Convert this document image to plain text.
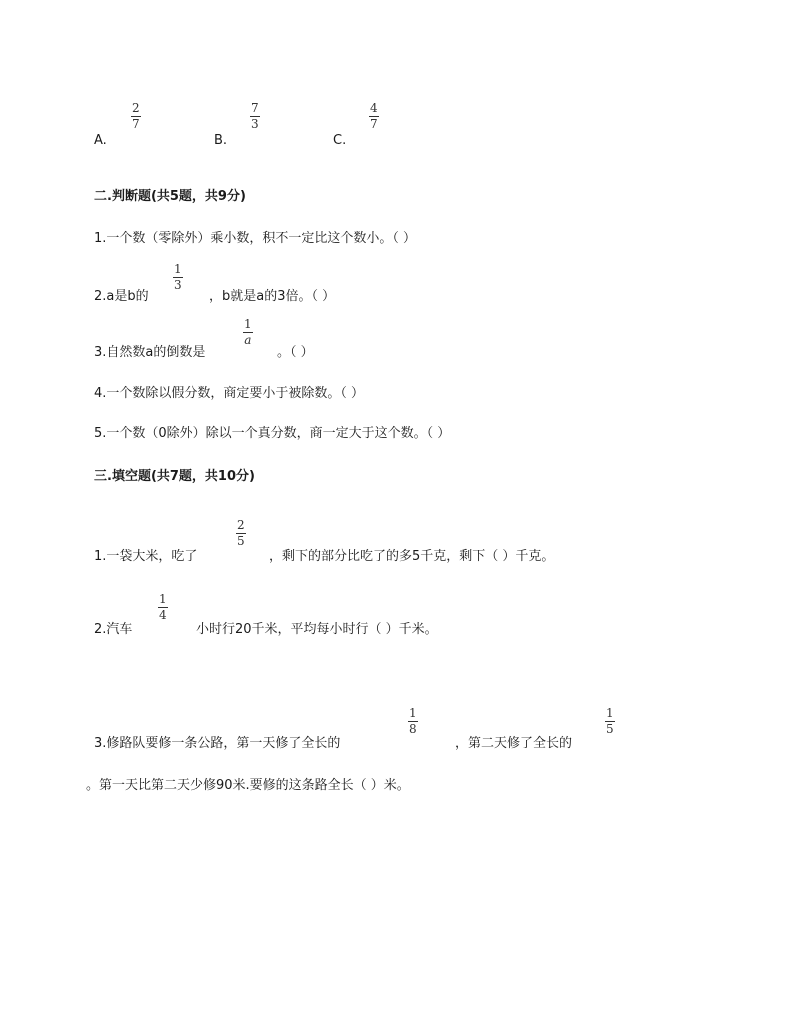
A.
2
7
B.
7
3
C.
4
7
二.判断题(共5题，共9分)
1.一个数（零除外）乘小数，积不一定比这个数小。（ ）
2.a是b的
1
3
，b就是a的3倍。（ ）
3.自然数a的倒数是
1
a
。（ ）
4.一个数除以假分数，商定要小于被除数。（ ）
5.一个数（0除外）除以一个真分数，商一定大于这个数。（ ）
三.填空题(共7题，共10分)
1.一袋大米，吃了
2
5
，剩下的部分比吃了的多5千克，剩下（ ）千克。
2.汽车
1
4
小时行20千米，平均每小时行（ ）千米。
3.修路队要修一条公路，第一天修了全长的
1
8
，第二天修了全长的
1
5
。第一天比第二天少修90米.要修的这条路全长（ ）米。
